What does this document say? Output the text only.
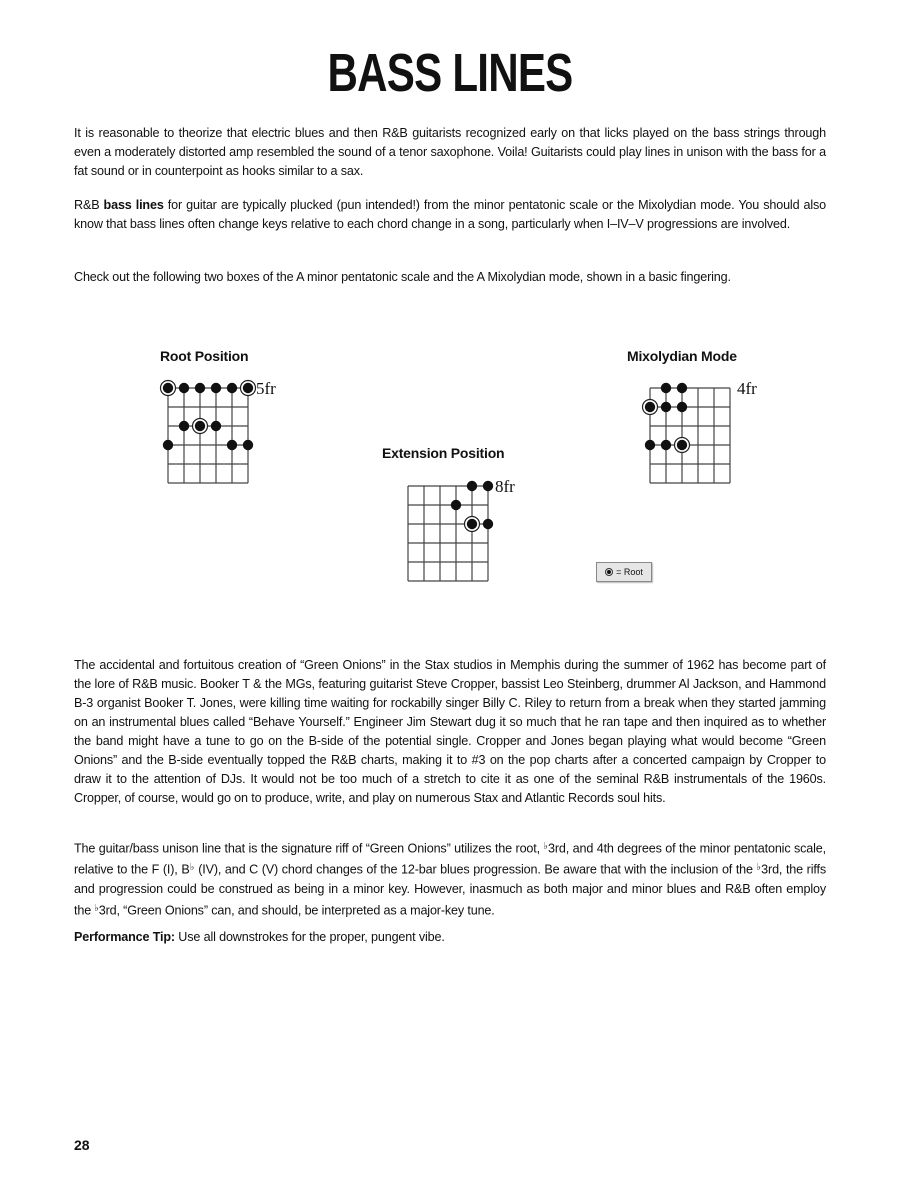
BASS LINES

It is reasonable to theorize that electric blues and then R&B guitarists recognized early on that licks played on the bass strings through even a moderately distorted amp resembled the sound of a tenor saxophone. Voila! Guitarists could play lines in unison with the bass for a fat sound or in counterpoint as hooks similar to a sax.

R&B bass lines for guitar are typically plucked (pun intended!) from the minor pentatonic scale or the Mixolydian mode. You should also know that bass lines often change keys relative to each chord change in a song, particularly when I–IV–V progressions are involved.

Check out the following two boxes of the A minor pentatonic scale and the A Mixolydian mode, shown in a basic fingering.

Root Position
5fr
Extension Position
8fr
Mixolydian Mode
4fr
= Root

The accidental and fortuitous creation of “Green Onions” in the Stax studios in Memphis during the summer of 1962 has become part of the lore of R&B music. Booker T & the MGs, featuring guitarist Steve Cropper, bassist Leo Steinberg, drummer Al Jackson, and Hammond B-3 organist Booker T. Jones, were killing time waiting for rockabilly singer Billy C. Riley to return from a break when they started jamming on an instrumental blues called “Behave Yourself.” Engineer Jim Stewart dug it so much that he ran tape and then inquired as to whether the band might have a tune to go on the B-side of the potential single. Cropper and Jones began playing what would become “Green Onions” and the B-side eventually topped the R&B charts, making it to #3 on the pop charts after a concerted campaign by Cropper to draw it to the attention of DJs. It would not be too much of a stretch to cite it as one of the seminal R&B instrumentals of the 1960s. Cropper, of course, would go on to produce, write, and play on numerous Stax and Atlantic Records soul hits.

The guitar/bass unison line that is the signature riff of “Green Onions” utilizes the root, ♭3rd, and 4th degrees of the minor pentatonic scale, relative to the F (I), B♭ (IV), and C (V) chord changes of the 12-bar blues progression. Be aware that with the inclusion of the ♭3rd, the riffs and progression could be construed as being in a minor key. However, inasmuch as both major and minor blues and R&B often employ the ♭3rd, “Green Onions” can, and should, be interpreted as a major-key tune.

Performance Tip: Use all downstrokes for the proper, pungent vibe.

28
